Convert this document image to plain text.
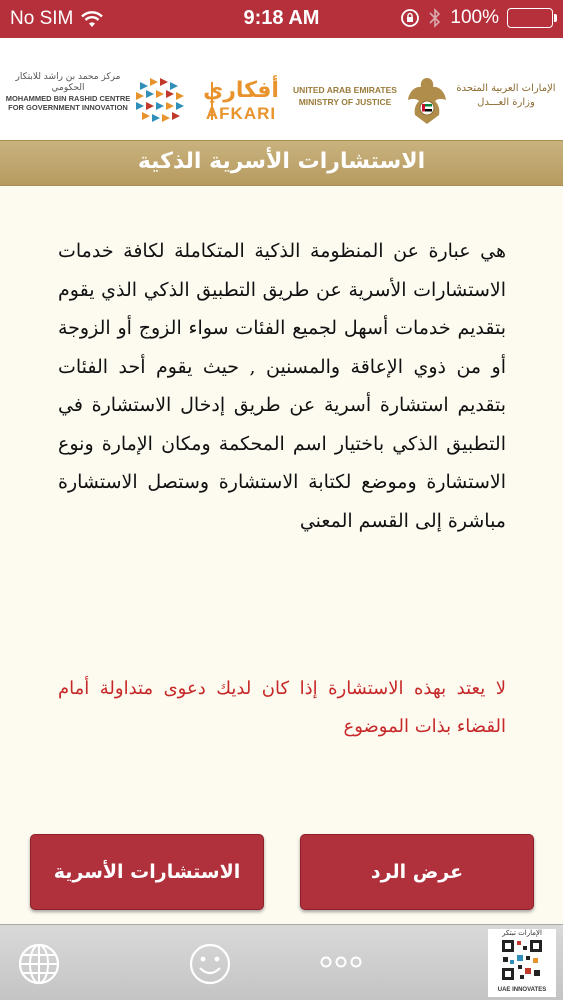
No SIM	9:18 AM	100%
مركز محمد بن راشد للابتكار الحكومي
MOHAMMED BIN RASHID CENTRE
FOR GOVERNMENT INNOVATION
أفكاري
AFKARI
UNITED ARAB EMIRATES
MINISTRY OF JUSTICE
الإمارات العربية المتحدة
وزارة العـــدل
الاستشارات الأسرية الذكية
هي عبارة عن المنظومة الذكية المتكاملة لكافة خدمات الاستشارات الأسرية عن طريق التطبيق الذكي الذي يقوم بتقديم خدمات أسهل لجميع الفئات سواء الزوج أو الزوجة أو من ذوي الإعاقة والمسنين , حيث يقوم أحد الفئات بتقديم استشارة أسرية عن طريق إدخال الاستشارة في التطبيق الذكي باختيار اسم المحكمة ومكان الإمارة ونوع الاستشارة وموضع لكتابة الاستشارة وستصل الاستشارة مباشرة إلى القسم المعني
لا يعتد بهذه الاستشارة إذا كان لديك دعوى متداولة أمام القضاء بذات الموضوع
الاستشارات الأسرية	عرض الرد
الإمارات تبتكر
UAE INNOVATES
